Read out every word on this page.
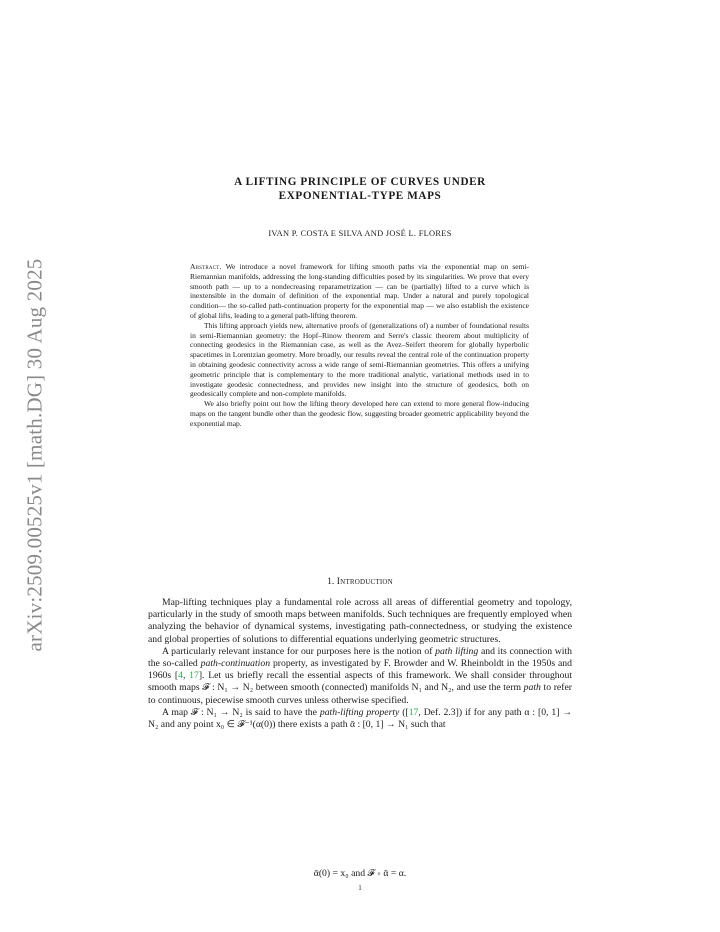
arXiv:2509.00525v1 [math.DG] 30 Aug 2025
A LIFTING PRINCIPLE OF CURVES UNDER
EXPONENTIAL-TYPE MAPS
IVAN P. COSTA E SILVA AND JOSÉ L. FLORES

Abstract. We introduce a novel framework for lifting smooth paths via the exponential map on semi-Riemannian manifolds, addressing the long-standing difficulties posed by its singularities. We prove that every smooth path — up to a nondecreasing reparametrization — can be (partially) lifted to a curve which is inextensible in the domain of definition of the exponential map. Under a natural and purely topological condition— the so-called path-continuation property for the exponential map — we also establish the existence of global lifts, leading to a general path-lifting theorem.

This lifting approach yields new, alternative proofs of (generalizations of) a number of foundational results in semi-Riemannian geometry: the Hopf–Rinow theorem and Serre's classic theorem about multiplicity of connecting geodesics in the Riemannian case, as well as the Avez–Seifert theorem for globally hyperbolic spacetimes in Lorentzian geometry. More broadly, our results reveal the central role of the continuation property in obtaining geodesic connectivity across a wide range of semi-Riemannian geometries. This offers a unifying geometric principle that is complementary to the more traditional analytic, variational methods used in to investigate geodesic connectedness, and provides new insight into the structure of geodesics, both on geodesically complete and non-complete manifolds.

We also briefly point out how the lifting theory developed here can extend to more general flow-inducing maps on the tangent bundle other than the geodesic flow, suggesting broader geometric applicability beyond the exponential map.

1. Introduction

Map-lifting techniques play a fundamental role across all areas of differential geometry and topology, particularly in the study of smooth maps between manifolds. Such techniques are frequently employed when analyzing the behavior of dynamical systems, investigating path-connectedness, or studying the existence and global properties of solutions to differential equations underlying geometric structures.

A particularly relevant instance for our purposes here is the notion of path lifting and its connection with the so-called path-continuation property, as investigated by F. Browder and W. Rheinboldt in the 1950s and 1960s [4, 17]. Let us briefly recall the essential aspects of this framework. We shall consider throughout smooth maps 𝓕 : N₁ → N₂ between smooth (connected) manifolds N₁ and N₂, and use the term path to refer to continuous, piecewise smooth curves unless otherwise specified.

A map 𝓕 : N₁ → N₂ is said to have the path-lifting property ([17, Def. 2.3]) if for any path α : [0, 1] → N₂ and any point x₀ ∈ 𝓕⁻¹(α(0)) there exists a path ᾱ : [0, 1] → N₁ such that

ᾱ(0) = x₀ and 𝓕 ∘ ᾱ = α.
1
